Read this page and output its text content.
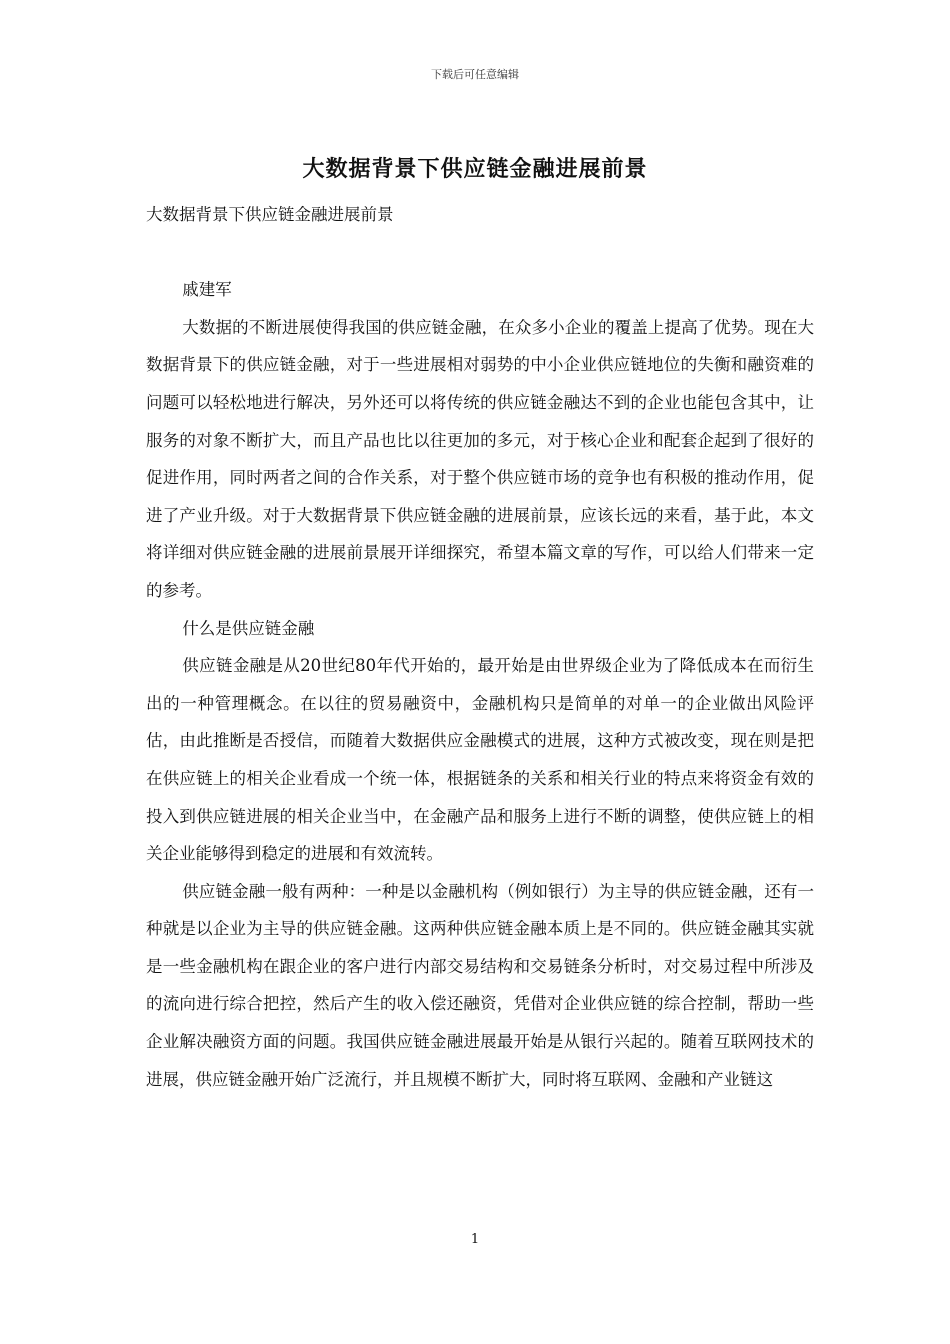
下载后可任意编辑
大数据背景下供应链金融进展前景

大数据背景下供应链金融进展前景

戚建军

大数据的不断进展使得我国的供应链金融，在众多小企业的覆盖上提高了优势。现在大数据背景下的供应链金融，对于一些进展相对弱势的中小企业供应链地位的失衡和融资难的问题可以轻松地进行解决，另外还可以将传统的供应链金融达不到的企业也能包含其中，让服务的对象不断扩大，而且产品也比以往更加的多元，对于核心企业和配套企起到了很好的促进作用，同时两者之间的合作关系，对于整个供应链市场的竞争也有积极的推动作用，促进了产业升级。对于大数据背景下供应链金融的进展前景，应该长远的来看，基于此，本文将详细对供应链金融的进展前景展开详细探究，希望本篇文章的写作，可以给人们带来一定的参考。

什么是供应链金融

供应链金融是从20世纪80年代开始的，最开始是由世界级企业为了降低成本在而衍生出的一种管理概念。在以往的贸易融资中，金融机构只是简单的对单一的企业做出风险评估，由此推断是否授信，而随着大数据供应金融模式的进展，这种方式被改变，现在则是把在供应链上的相关企业看成一个统一体，根据链条的关系和相关行业的特点来将资金有效的投入到供应链进展的相关企业当中，在金融产品和服务上进行不断的调整，使供应链上的相关企业能够得到稳定的进展和有效流转。

供应链金融一般有两种：一种是以金融机构（例如银行）为主导的供应链金融，还有一种就是以企业为主导的供应链金融。这两种供应链金融本质上是不同的。供应链金融其实就是一些金融机构在跟企业的客户进行内部交易结构和交易链条分析时，对交易过程中所涉及的流向进行综合把控，然后产生的收入偿还融资，凭借对企业供应链的综合控制，帮助一些企业解决融资方面的问题。我国供应链金融进展最开始是从银行兴起的。随着互联网技术的进展，供应链金融开始广泛流行，并且规模不断扩大，同时将互联网、金融和产业链这

1
